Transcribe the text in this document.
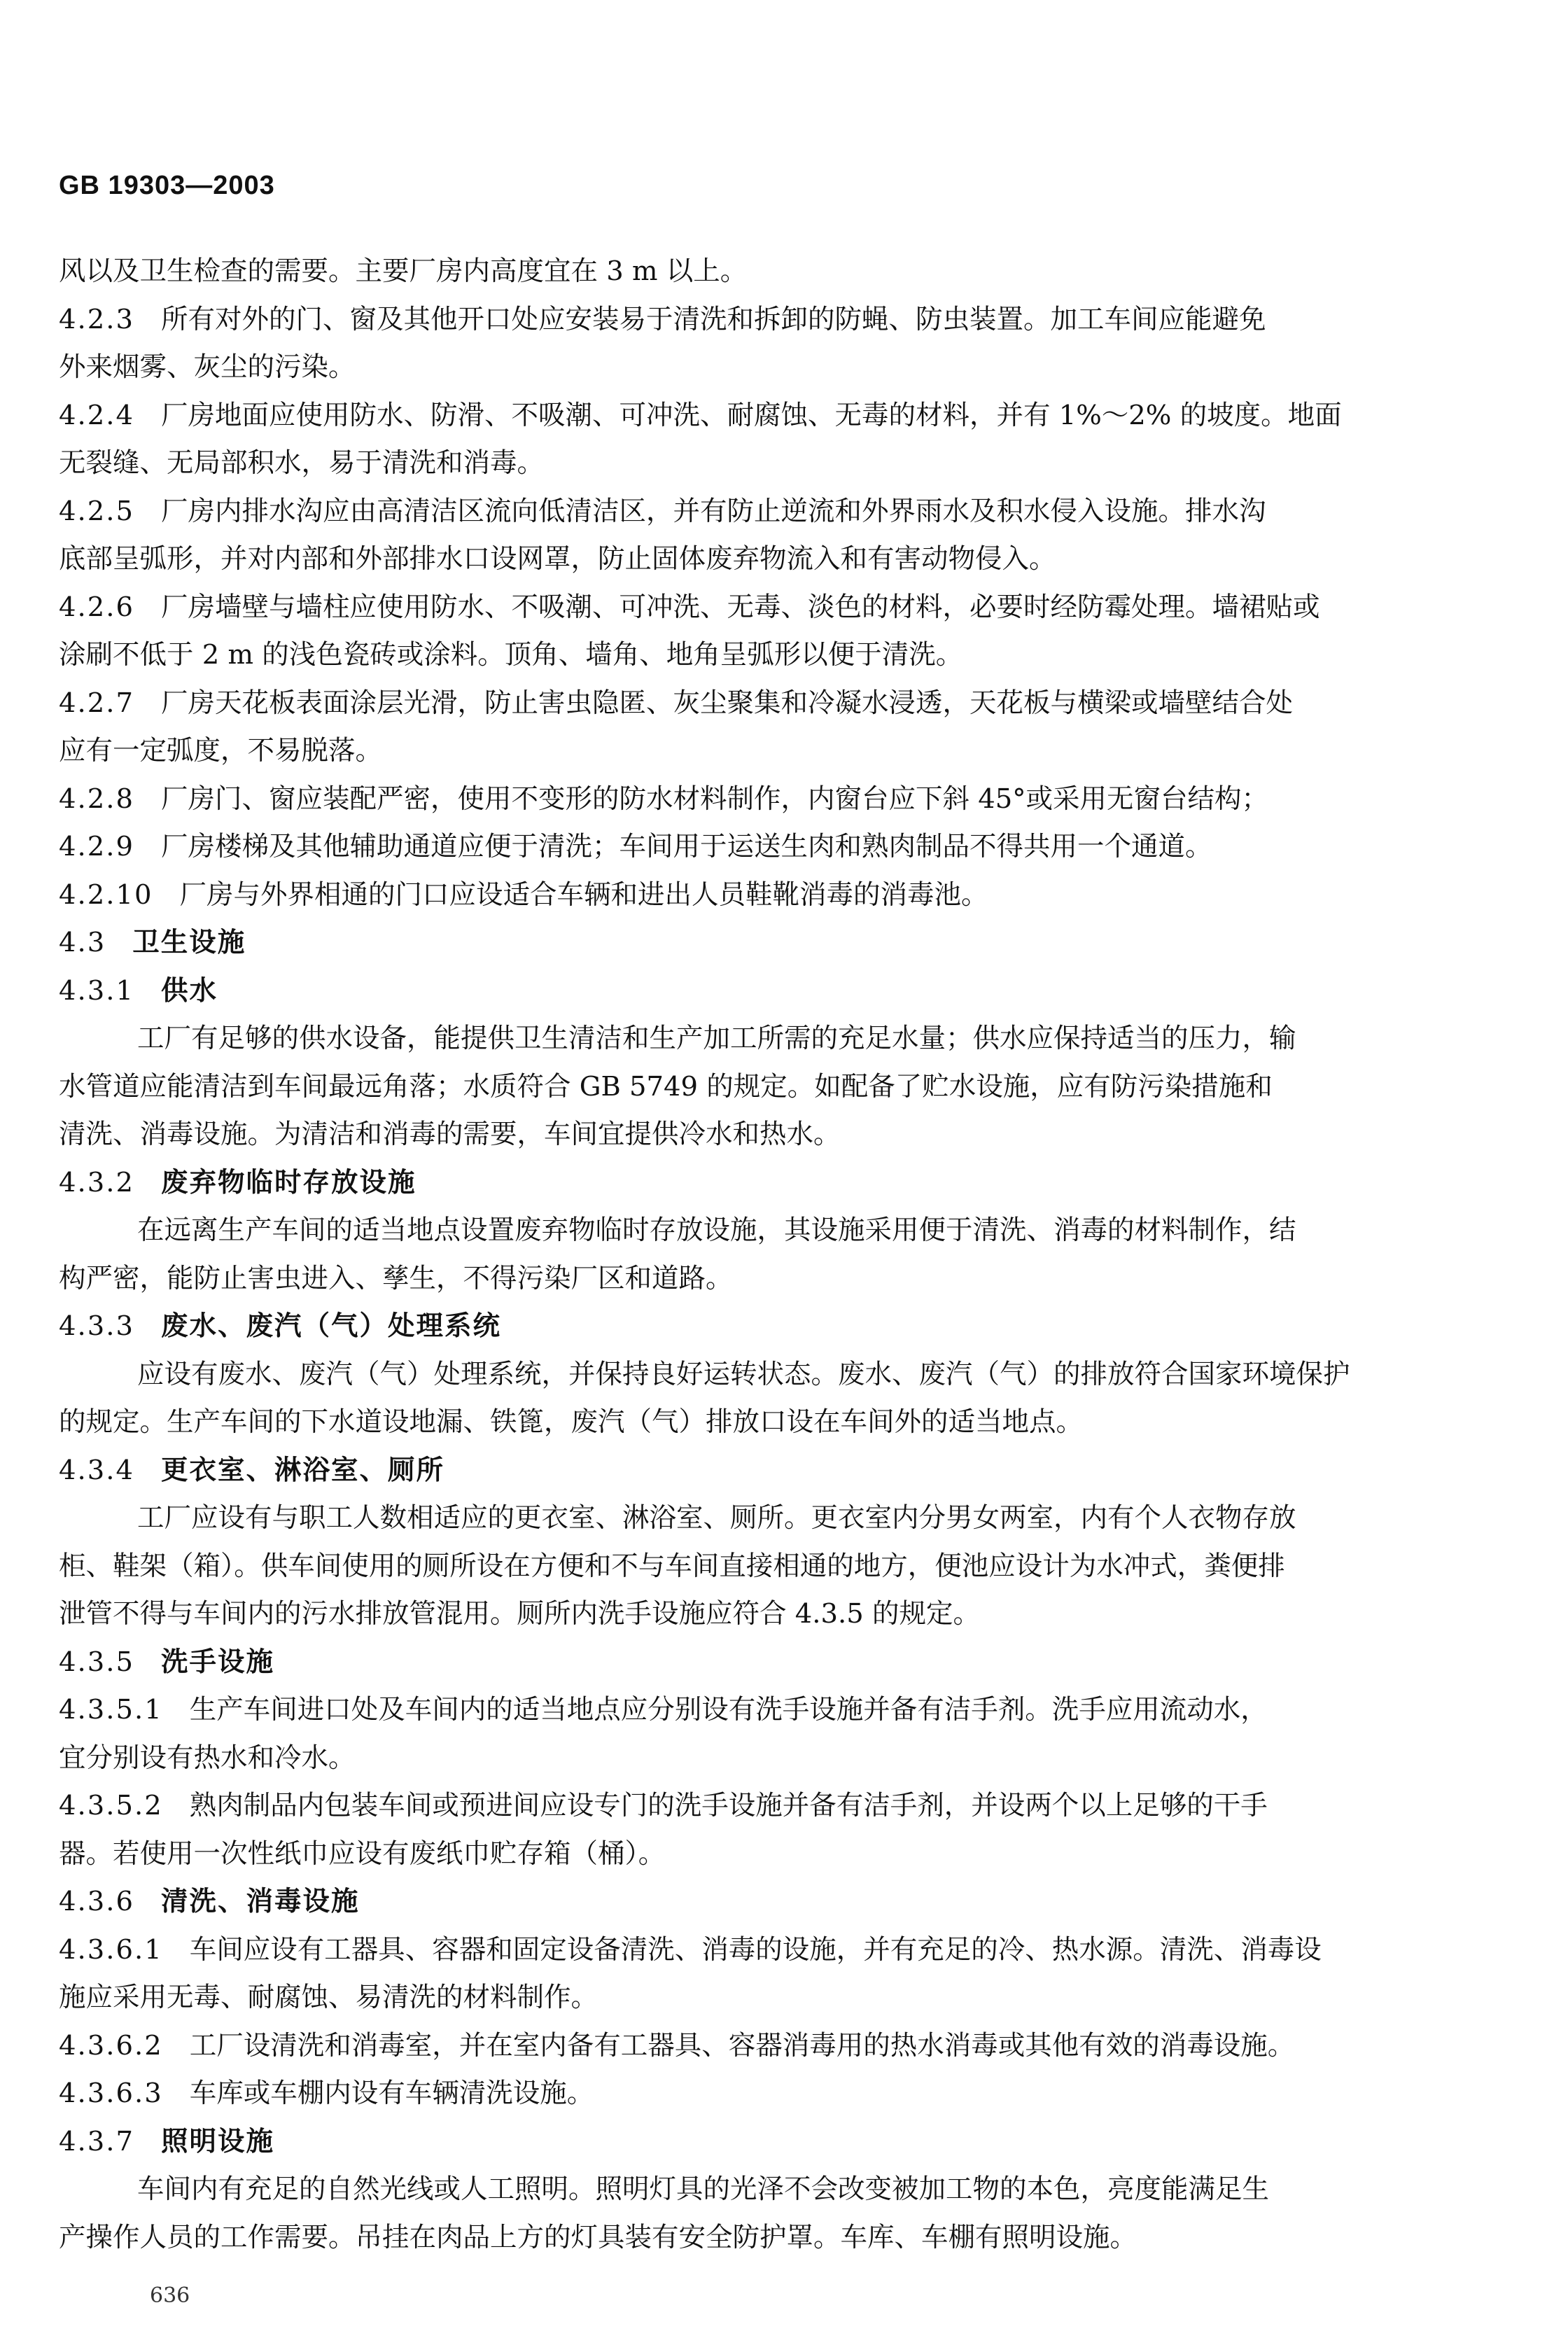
GB 19303—2003
风以及卫生检查的需要。主要厂房内高度宜在 3 m 以上。
4.2.3 所有对外的门、窗及其他开口处应安装易于清洗和拆卸的防蝇、防虫装置。加工车间应能避免
外来烟雾、灰尘的污染。
4.2.4 厂房地面应使用防水、防滑、不吸潮、可冲洗、耐腐蚀、无毒的材料，并有 1%～2% 的坡度。地面
无裂缝、无局部积水，易于清洗和消毒。
4.2.5 厂房内排水沟应由高清洁区流向低清洁区，并有防止逆流和外界雨水及积水侵入设施。排水沟
底部呈弧形，并对内部和外部排水口设网罩，防止固体废弃物流入和有害动物侵入。
4.2.6 厂房墙壁与墙柱应使用防水、不吸潮、可冲洗、无毒、淡色的材料，必要时经防霉处理。墙裙贴或
涂刷不低于 2 m 的浅色瓷砖或涂料。顶角、墙角、地角呈弧形以便于清洗。
4.2.7 厂房天花板表面涂层光滑，防止害虫隐匿、灰尘聚集和冷凝水浸透，天花板与横梁或墙壁结合处
应有一定弧度，不易脱落。
4.2.8 厂房门、窗应装配严密，使用不变形的防水材料制作，内窗台应下斜 45°或采用无窗台结构；
4.2.9 厂房楼梯及其他辅助通道应便于清洗；车间用于运送生肉和熟肉制品不得共用一个通道。
4.2.10 厂房与外界相通的门口应设适合车辆和进出人员鞋靴消毒的消毒池。
4.3 卫生设施
4.3.1 供水
工厂有足够的供水设备，能提供卫生清洁和生产加工所需的充足水量；供水应保持适当的压力，输
水管道应能清洁到车间最远角落；水质符合 GB 5749 的规定。如配备了贮水设施，应有防污染措施和
清洗、消毒设施。为清洁和消毒的需要，车间宜提供冷水和热水。
4.3.2 废弃物临时存放设施
在远离生产车间的适当地点设置废弃物临时存放设施，其设施采用便于清洗、消毒的材料制作，结
构严密，能防止害虫进入、孳生，不得污染厂区和道路。
4.3.3 废水、废汽（气）处理系统
应设有废水、废汽（气）处理系统，并保持良好运转状态。废水、废汽（气）的排放符合国家环境保护
的规定。生产车间的下水道设地漏、铁篦，废汽（气）排放口设在车间外的适当地点。
4.3.4 更衣室、淋浴室、厕所
工厂应设有与职工人数相适应的更衣室、淋浴室、厕所。更衣室内分男女两室，内有个人衣物存放
柜、鞋架（箱）。供车间使用的厕所设在方便和不与车间直接相通的地方，便池应设计为水冲式，粪便排
泄管不得与车间内的污水排放管混用。厕所内洗手设施应符合 4.3.5 的规定。
4.3.5 洗手设施
4.3.5.1 生产车间进口处及车间内的适当地点应分别设有洗手设施并备有洁手剂。洗手应用流动水，
宜分别设有热水和冷水。
4.3.5.2 熟肉制品内包装车间或预进间应设专门的洗手设施并备有洁手剂，并设两个以上足够的干手
器。若使用一次性纸巾应设有废纸巾贮存箱（桶）。
4.3.6 清洗、消毒设施
4.3.6.1 车间应设有工器具、容器和固定设备清洗、消毒的设施，并有充足的冷、热水源。清洗、消毒设
施应采用无毒、耐腐蚀、易清洗的材料制作。
4.3.6.2 工厂设清洗和消毒室，并在室内备有工器具、容器消毒用的热水消毒或其他有效的消毒设施。
4.3.6.3 车库或车棚内设有车辆清洗设施。
4.3.7 照明设施
车间内有充足的自然光线或人工照明。照明灯具的光泽不会改变被加工物的本色，亮度能满足生
产操作人员的工作需要。吊挂在肉品上方的灯具装有安全防护罩。车库、车棚有照明设施。
636
